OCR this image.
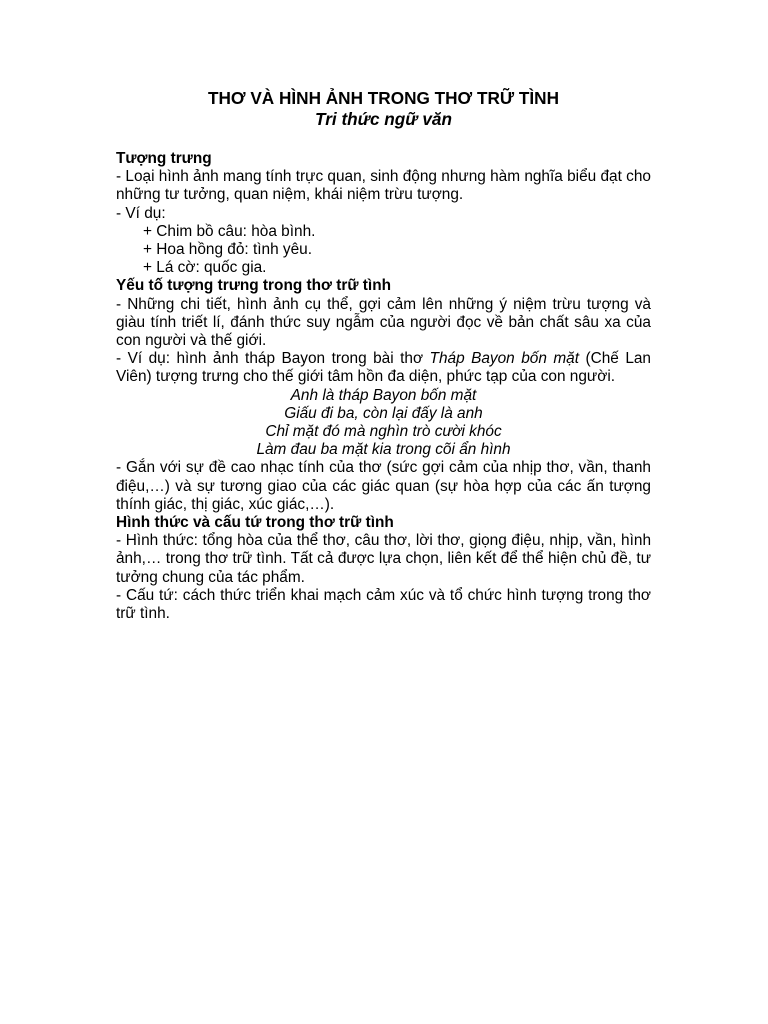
THƠ VÀ HÌNH ẢNH TRONG THƠ TRỮ TÌNH

Tri thức ngữ văn

Tượng trưng

- Loại hình ảnh mang tính trực quan, sinh động nhưng hàm nghĩa biểu đạt cho những tư tưởng, quan niệm, khái niệm trừu tượng.

- Ví dụ:

+ Chim bồ câu: hòa bình.

+ Hoa hồng đỏ: tình yêu.

+ Lá cờ: quốc gia.

Yếu tố tượng trưng trong thơ trữ tình

- Những chi tiết, hình ảnh cụ thể, gợi cảm lên những ý niệm trừu tượng và giàu tính triết lí, đánh thức suy ngẫm của người đọc về bản chất sâu xa của con người và thế giới.

- Ví dụ: hình ảnh tháp Bayon trong bài thơ Tháp Bayon bốn mặt (Chế Lan Viên) tượng trưng cho thế giới tâm hồn đa diện, phức tạp của con người.

Anh là tháp Bayon bốn mặt

Giấu đi ba, còn lại đấy là anh

Chỉ mặt đó mà nghìn trò cười khóc

Làm đau ba mặt kia trong cõi ẩn hình

- Gắn với sự đề cao nhạc tính của thơ (sức gợi cảm của nhịp thơ, vần, thanh điệu,…) và sự tương giao của các giác quan (sự hòa hợp của các ấn tượng thính giác, thị giác, xúc giác,…).

Hình thức và cấu tứ trong thơ trữ tình

- Hình thức: tổng hòa của thể thơ, câu thơ, lời thơ, giọng điệu, nhịp, vần, hình ảnh,… trong thơ trữ tình. Tất cả được lựa chọn, liên kết để thể hiện chủ đề, tư tưởng chung của tác phẩm.

- Cấu tứ: cách thức triển khai mạch cảm xúc và tổ chức hình tượng trong thơ trữ tình.
